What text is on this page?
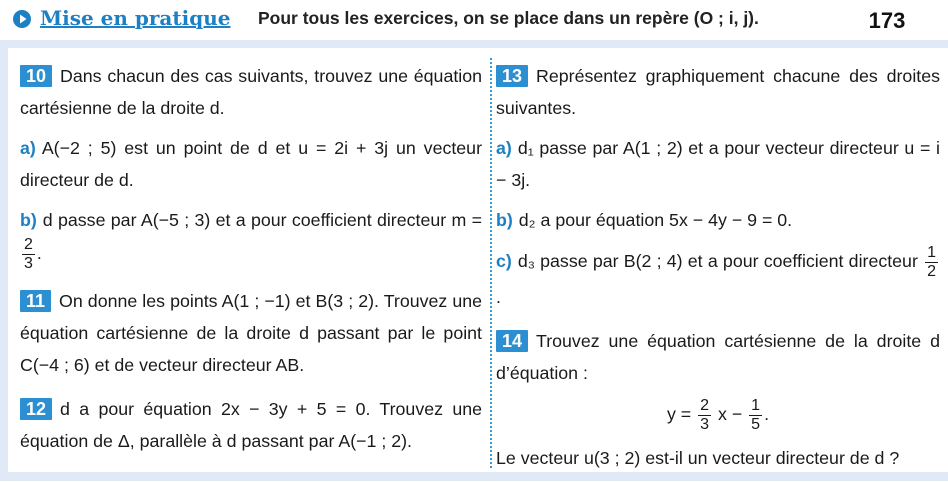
Mise en pratique Pour tous les exercices, on se place dans un repère (O ; i, j).	173
10 Dans chacun des cas suivants, trouvez une équation cartésienne de la droite d.
a) A(−2 ; 5) est un point de d et u = 2i + 3j un vecteur directeur de d.
b) d passe par A(−5 ; 3) et a pour coefficient directeur m =
$\frac{2}{3}$ .
11 On donne les points A(1 ; −1) et B(3 ; 2). Trouvez une équation cartésienne de la droite d passant par le point C(−4 ; 6) et de vecteur directeur AB.
12 d a pour équation 2x − 3y + 5 = 0. Trouvez une équation de Δ, parallèle à d passant par A(−1 ; 2).
13 Représentez graphiquement chacune des droites suivantes.
a) d₁ passe par A(1 ; 2) et a pour vecteur directeur u = i − 3j.
b) d₂ a pour équation 5x − 4y − 9 = 0.
c) d₃ passe par B(2 ; 4) et a pour coefficient directeur $\frac{1}{2}$
.
14 Trouvez une équation cartésienne de la droite d d’équation :
$y = \frac{2}{3}$ $x - \frac{1}{5}$ .
Le vecteur u(3 ; 2) est-il un vecteur directeur de d ?
